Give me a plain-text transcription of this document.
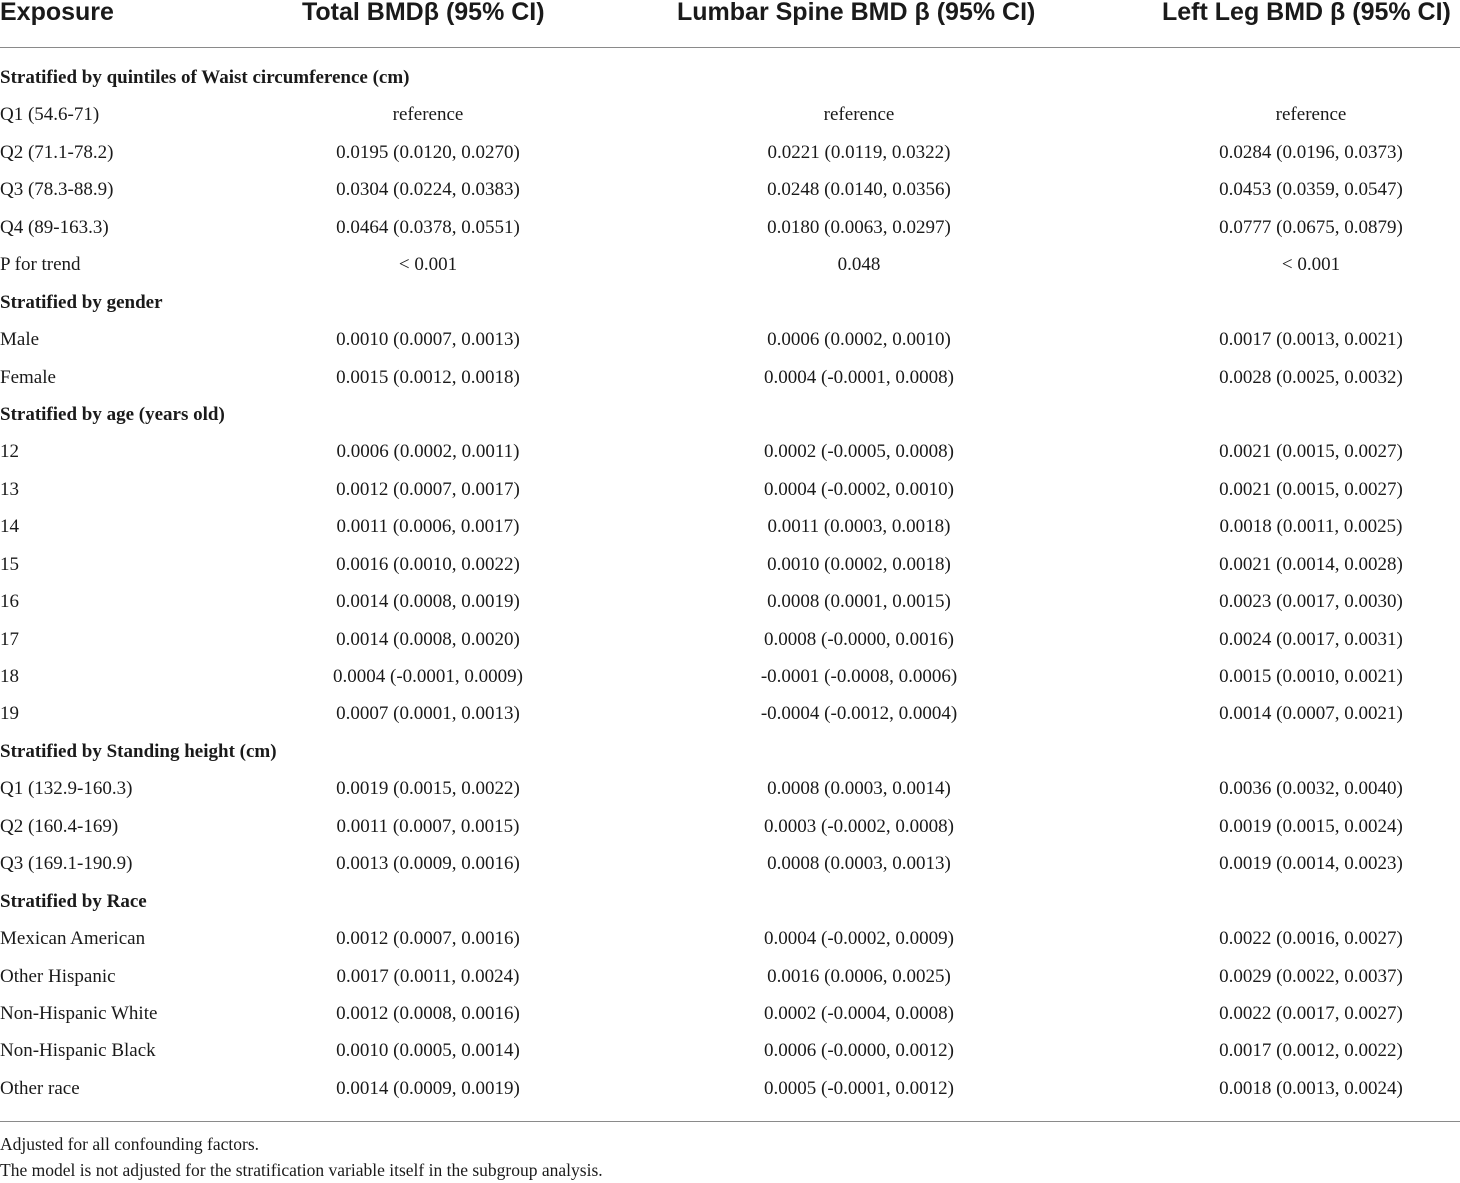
Exposure	Total BMDβ (95% CI)	Lumbar Spine BMD β (95% CI)	Left Leg BMD β (95% CI)
Stratified by quintiles of Waist circumference (cm)
Q1 (54.6-71)	reference	reference	reference
Q2 (71.1-78.2)	0.0195 (0.0120, 0.0270)	0.0221 (0.0119, 0.0322)	0.0284 (0.0196, 0.0373)
Q3 (78.3-88.9)	0.0304 (0.0224, 0.0383)	0.0248 (0.0140, 0.0356)	0.0453 (0.0359, 0.0547)
Q4 (89-163.3)	0.0464 (0.0378, 0.0551)	0.0180 (0.0063, 0.0297)	0.0777 (0.0675, 0.0879)
P for trend	< 0.001	0.048	< 0.001
Stratified by gender
Male	0.0010 (0.0007, 0.0013)	0.0006 (0.0002, 0.0010)	0.0017 (0.0013, 0.0021)
Female	0.0015 (0.0012, 0.0018)	0.0004 (-0.0001, 0.0008)	0.0028 (0.0025, 0.0032)
Stratified by age (years old)
12	0.0006 (0.0002, 0.0011)	0.0002 (-0.0005, 0.0008)	0.0021 (0.0015, 0.0027)
13	0.0012 (0.0007, 0.0017)	0.0004 (-0.0002, 0.0010)	0.0021 (0.0015, 0.0027)
14	0.0011 (0.0006, 0.0017)	0.0011 (0.0003, 0.0018)	0.0018 (0.0011, 0.0025)
15	0.0016 (0.0010, 0.0022)	0.0010 (0.0002, 0.0018)	0.0021 (0.0014, 0.0028)
16	0.0014 (0.0008, 0.0019)	0.0008 (0.0001, 0.0015)	0.0023 (0.0017, 0.0030)
17	0.0014 (0.0008, 0.0020)	0.0008 (-0.0000, 0.0016)	0.0024 (0.0017, 0.0031)
18	0.0004 (-0.0001, 0.0009)	-0.0001 (-0.0008, 0.0006)	0.0015 (0.0010, 0.0021)
19	0.0007 (0.0001, 0.0013)	-0.0004 (-0.0012, 0.0004)	0.0014 (0.0007, 0.0021)
Stratified by Standing height (cm)
Q1 (132.9-160.3)	0.0019 (0.0015, 0.0022)	0.0008 (0.0003, 0.0014)	0.0036 (0.0032, 0.0040)
Q2 (160.4-169)	0.0011 (0.0007, 0.0015)	0.0003 (-0.0002, 0.0008)	0.0019 (0.0015, 0.0024)
Q3 (169.1-190.9)	0.0013 (0.0009, 0.0016)	0.0008 (0.0003, 0.0013)	0.0019 (0.0014, 0.0023)
Stratified by Race
Mexican American	0.0012 (0.0007, 0.0016)	0.0004 (-0.0002, 0.0009)	0.0022 (0.0016, 0.0027)
Other Hispanic	0.0017 (0.0011, 0.0024)	0.0016 (0.0006, 0.0025)	0.0029 (0.0022, 0.0037)
Non-Hispanic White	0.0012 (0.0008, 0.0016)	0.0002 (-0.0004, 0.0008)	0.0022 (0.0017, 0.0027)
Non-Hispanic Black	0.0010 (0.0005, 0.0014)	0.0006 (-0.0000, 0.0012)	0.0017 (0.0012, 0.0022)
Other race	0.0014 (0.0009, 0.0019)	0.0005 (-0.0001, 0.0012)	0.0018 (0.0013, 0.0024)
Adjusted for all confounding factors.
The model is not adjusted for the stratification variable itself in the subgroup analysis.
